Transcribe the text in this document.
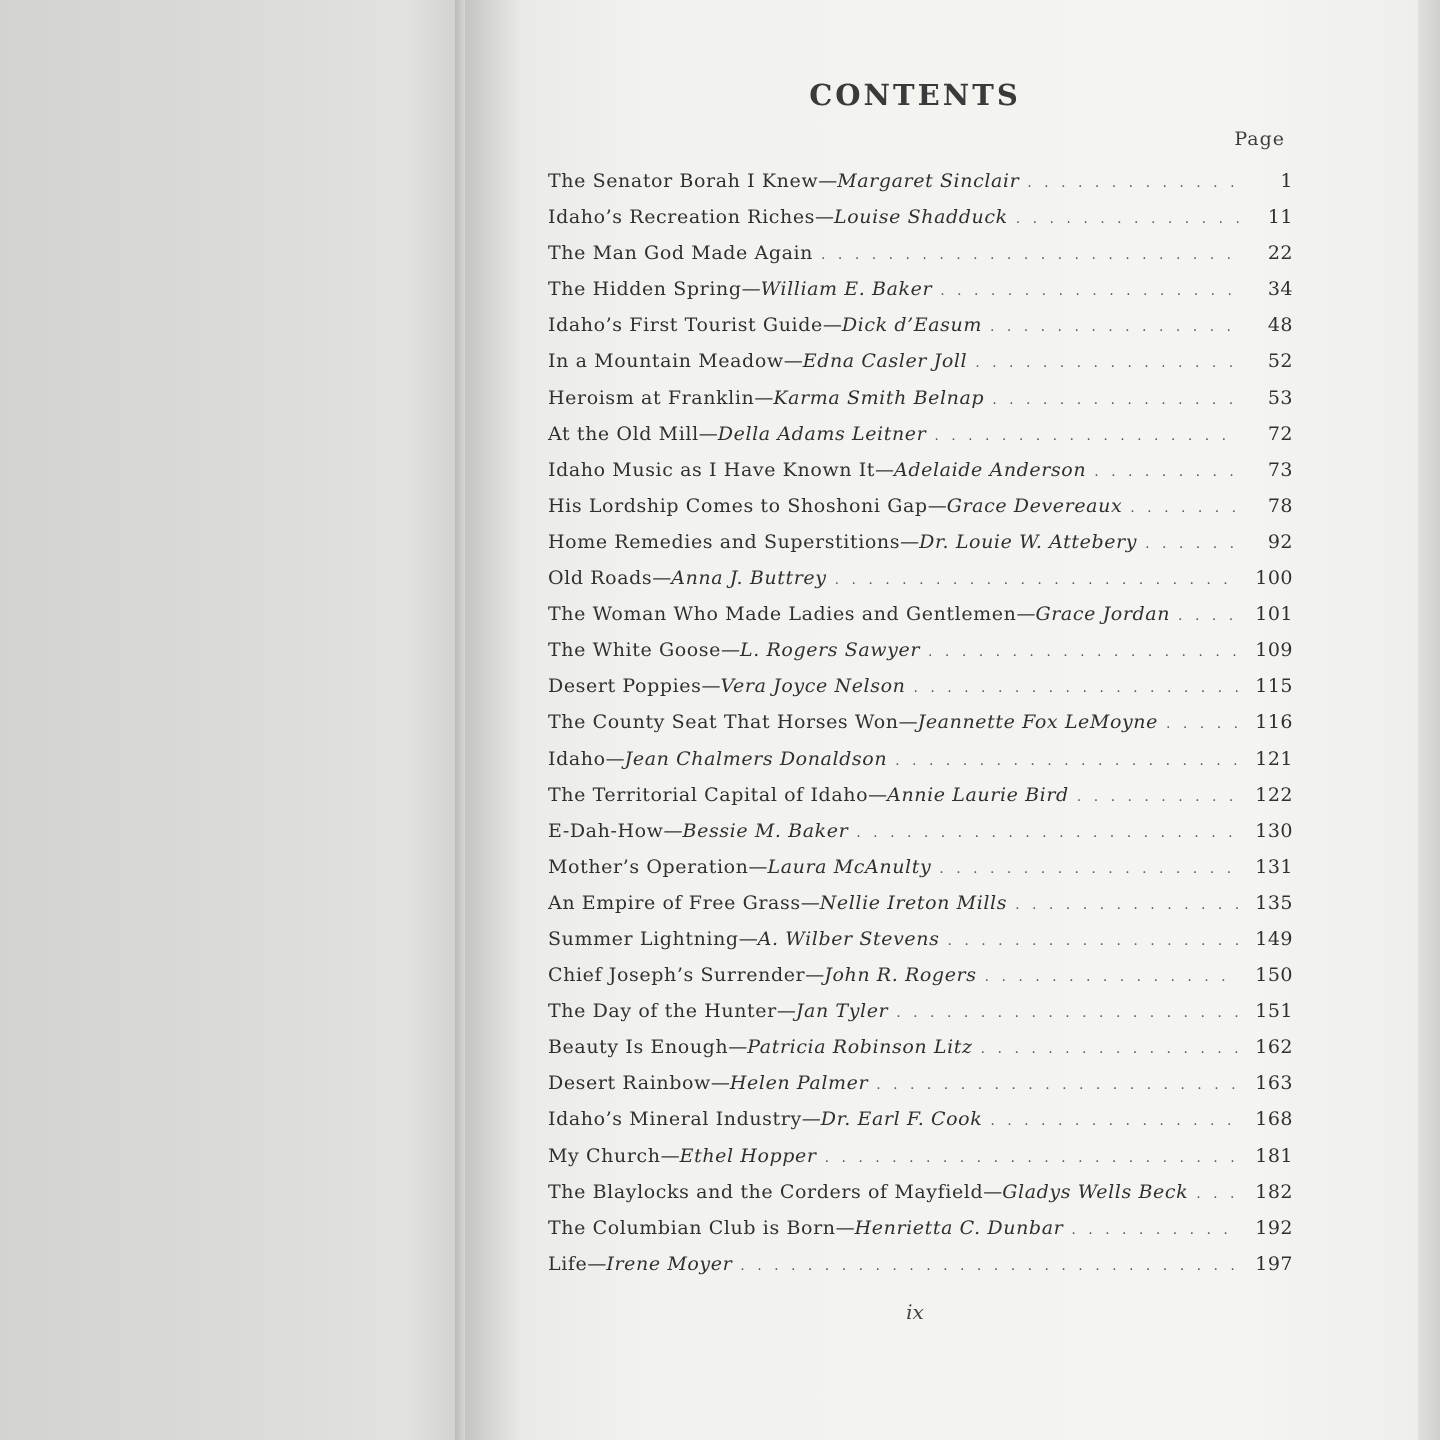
CONTENTS
Page
The Senator Borah I Knew — Margaret Sinclair . . .	1
Idaho’s Recreation Riches — Louise Shadduck . . .	11
The Man God Made Again . . .	22
The Hidden Spring — William E. Baker . . .	34
Idaho’s First Tourist Guide — Dick d’Easum . . .	48
In a Mountain Meadow — Edna Casler Joll . . .	52
Heroism at Franklin — Karma Smith Belnap . . .	53
At the Old Mill — Della Adams Leitner . . .	72
Idaho Music as I Have Known It — Adelaide Anderson . . .	73
His Lordship Comes to Shoshoni Gap — Grace Devereaux . . .	78
Home Remedies and Superstitions — Dr. Louie W. Attebery . . .	92
Old Roads — Anna J. Buttrey . . .	100
The Woman Who Made Ladies and Gentlemen — Grace Jordan . . .	101
The White Goose — L. Rogers Sawyer . . .	109
Desert Poppies — Vera Joyce Nelson . . .	115
The County Seat That Horses Won — Jeannette Fox LeMoyne . . .	116
Idaho — Jean Chalmers Donaldson . . .	121
The Territorial Capital of Idaho — Annie Laurie Bird . . .	122
E-Dah-How — Bessie M. Baker . . .	130
Mother’s Operation — Laura McAnulty . . .	131
An Empire of Free Grass — Nellie Ireton Mills . . .	135
Summer Lightning — A. Wilber Stevens . . .	149
Chief Joseph’s Surrender — John R. Rogers . . .	150
The Day of the Hunter — Jan Tyler . . .	151
Beauty Is Enough — Patricia Robinson Litz . . .	162
Desert Rainbow — Helen Palmer . . .	163
Idaho’s Mineral Industry — Dr. Earl F. Cook . . .	168
My Church — Ethel Hopper . . .	181
The Blaylocks and the Corders of Mayfield — Gladys Wells Beck . . .	182
The Columbian Club is Born — Henrietta C. Dunbar . . .	192
Life — Irene Moyer . . .	197
ix
